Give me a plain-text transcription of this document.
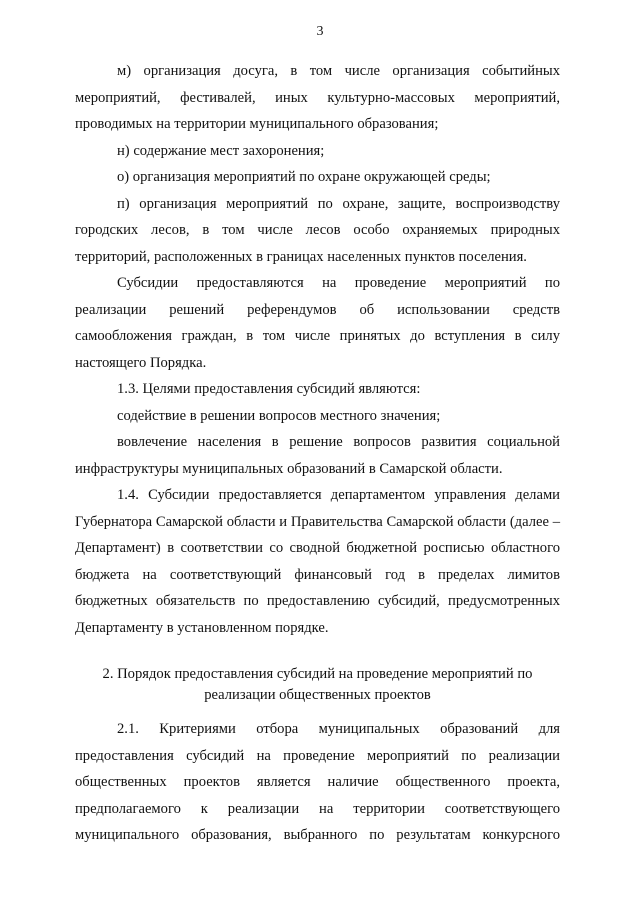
3

м) организация досуга, в том числе организация событийных мероприятий, фестивалей, иных культурно-массовых мероприятий, проводимых на территории муниципального образования;

н) содержание мест захоронения;

о) организация мероприятий по охране окружающей среды;

п) организация мероприятий по охране, защите, воспроизводству городских лесов, в том числе лесов особо охраняемых природных территорий, расположенных в границах населенных пунктов поселения.

Субсидии предоставляются на проведение мероприятий по реализации решений референдумов об использовании средств самообложения граждан, в том числе принятых до вступления в силу настоящего Порядка.

1.3. Целями предоставления субсидий являются:

содействие в решении вопросов местного значения;

вовлечение населения в решение вопросов развития социальной инфраструктуры муниципальных образований в Самарской области.

1.4. Субсидии предоставляется департаментом управления делами Губернатора Самарской области и Правительства Самарской области (далее – Департамент) в соответствии со сводной бюджетной росписью областного бюджета на соответствующий финансовый год в пределах лимитов бюджетных обязательств по предоставлению субсидий, предусмотренных Департаменту в установленном порядке.

2. Порядок предоставления субсидий на проведение мероприятий по
реализации общественных проектов

2.1. Критериями отбора муниципальных образований для предоставления субсидий на проведение мероприятий по реализации общественных проектов является наличие общественного проекта, предполагаемого к реализации на территории соответствующего муниципального образования, выбранного по результатам конкурсного
